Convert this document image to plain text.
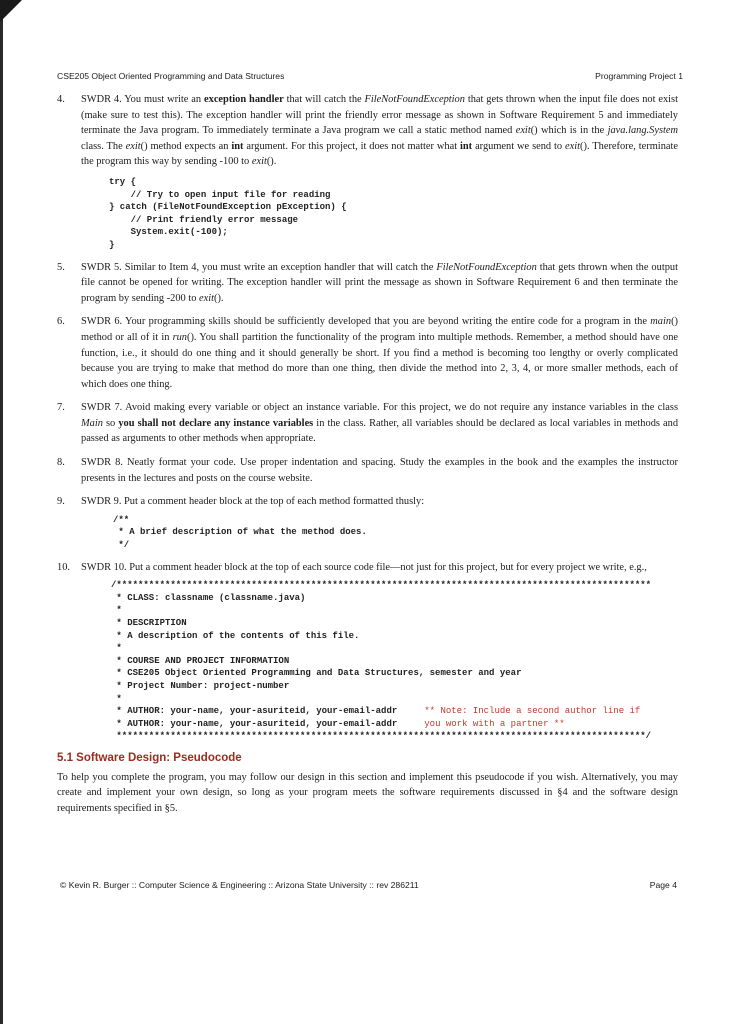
CSE205 Object Oriented Programming and Data Structures	Programming Project 1
4. SWDR 4. You must write an exception handler that will catch the FileNotFoundException that gets thrown when the input file does not exist (make sure to test this). The exception handler will print the friendly error message as shown in Software Requirement 5 and immediately terminate the Java program. To immediately terminate a Java program we call a static method named exit() which is in the java.lang.System class. The exit() method expects an int argument. For this project, it does not matter what int argument we send to exit(). Therefore, terminate the program this way by sending -100 to exit().
try {
// Try to open input file for reading
} catch (FileNotFoundException pException) {
// Print friendly error message
System.exit(-100);
}
5. SWDR 5. Similar to Item 4, you must write an exception handler that will catch the FileNotFoundException that gets thrown when the output file cannot be opened for writing. The exception handler will print the message as shown in Software Requirement 6 and then terminate the program by sending -200 to exit().
6. SWDR 6. Your programming skills should be sufficiently developed that you are beyond writing the entire code for a program in the main() method or all of it in run(). You shall partition the functionality of the program into multiple methods. Remember, a method should have one function, i.e., it should do one thing and it should generally be short. If you find a method is becoming too lengthy or overly complicated because you are trying to make that method do more than one thing, then divide the method into 2, 3, 4, or more smaller methods, each of which does one thing.
7. SWDR 7. Avoid making every variable or object an instance variable. For this project, we do not require any instance variables in the class Main so you shall not declare any instance variables in the class. Rather, all variables should be declared as local variables in methods and passed as arguments to other methods when appropriate.
8. SWDR 8. Neatly format your code. Use proper indentation and spacing. Study the examples in the book and the examples the instructor presents in the lectures and posts on the course website.
9. SWDR 9. Put a comment header block at the top of each method formatted thusly:
/**
* A brief description of what the method does.
*/
10. SWDR 10. Put a comment header block at the top of each source code file—not just for this project, but for every project we write, e.g.,
/***************************************************************************************************
* CLASS: classname (classname.java)
*
* DESCRIPTION
* A description of the contents of this file.
*
* COURSE AND PROJECT INFORMATION
* CSE205 Object Oriented Programming and Data Structures, semester and year
* Project Number: project-number
*
* AUTHOR: your-name, your-asuriteid, your-email-addr     ** Note: Include a second author line if
* AUTHOR: your-name, your-asuriteid, your-email-addr     you work with a partner **
**************************************************************************************************/
5.1 Software Design: Pseudocode
To help you complete the program, you may follow our design in this section and implement this pseudocode if you wish. Alternatively, you may create and implement your own design, so long as your program meets the software requirements discussed in §4 and the software design requirements specified in §5.
© Kevin R. Burger :: Computer Science & Engineering :: Arizona State University :: rev 286211	Page 4
